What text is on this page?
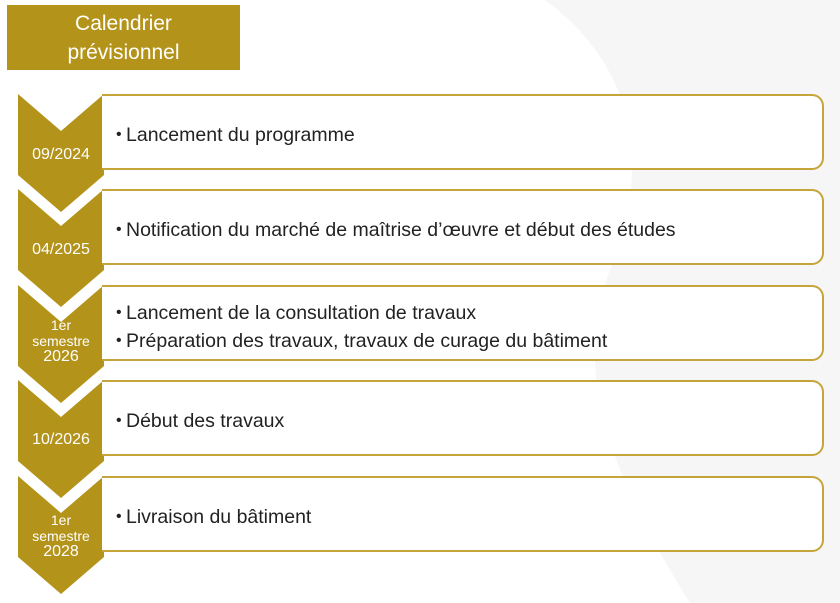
Calendrier
prévisionnel
09/2024
• Lancement du programme
04/2025
• Notification du marché de maîtrise d’œuvre et début des études
1er
semestre
2026
• Lancement de la consultation de travaux
• Préparation des travaux, travaux de curage du bâtiment
10/2026
• Début des travaux
1er
semestre
2028
• Livraison du bâtiment
